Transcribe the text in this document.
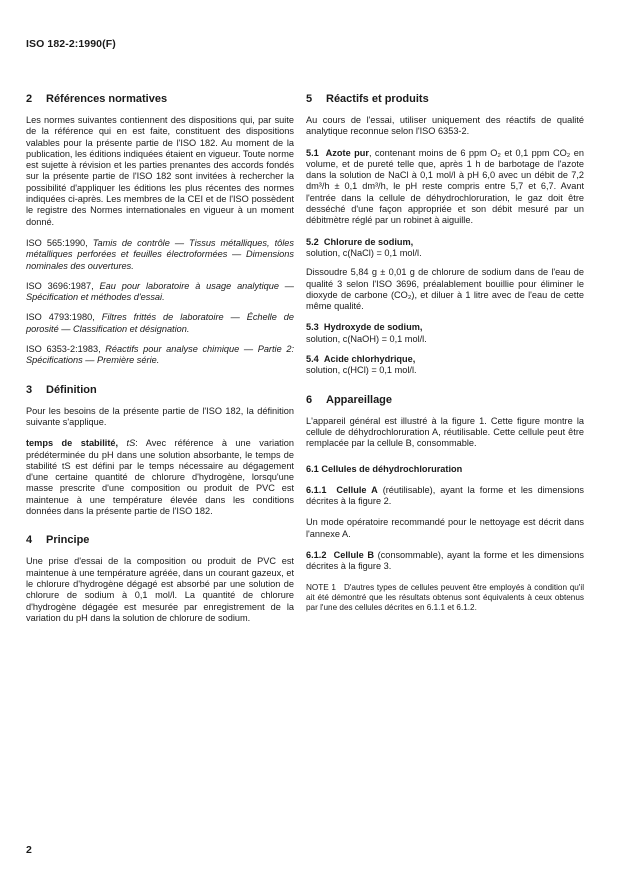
ISO 182-2:1990(F)
2 Références normatives

Les normes suivantes contiennent des dispositions qui, par suite de la référence qui en est faite, constituent des dispositions valables pour la présente partie de l'ISO 182. Au moment de la publication, les éditions indiquées étaient en vigueur. Toute norme est sujette à révision et les parties prenantes des accords fondés sur la présente partie de l'ISO 182 sont invitées à rechercher la possibilité d'appliquer les éditions les plus récentes des normes indiquées ci-après. Les membres de la CEI et de l'ISO possèdent le registre des Normes internationales en vigueur à un moment donné.

ISO 565:1990, Tamis de contrôle — Tissus métalliques, tôles métalliques perforées et feuilles électroformées — Dimensions nominales des ouvertures.

ISO 3696:1987, Eau pour laboratoire à usage analytique — Spécification et méthodes d'essai.

ISO 4793:1980, Filtres frittés de laboratoire — Échelle de porosité — Classification et désignation.

ISO 6353-2:1983, Réactifs pour analyse chimique — Partie 2: Spécifications — Première série.

3 Définition

Pour les besoins de la présente partie de l'ISO 182, la définition suivante s'applique.

temps de stabilité, tS: Avec référence à une variation prédéterminée du pH dans une solution absorbante, le temps de stabilité tS est défini par le temps nécessaire au dégagement d'une certaine quantité de chlorure d'hydrogène, lorsqu'une masse prescrite d'une composition ou produit de PVC est maintenue à une température élevée dans les conditions données dans la présente partie de l'ISO 182.

4 Principe

Une prise d'essai de la composition ou produit de PVC est maintenue à une température agréée, dans un courant gazeux, et le chlorure d'hydrogène dégagé est absorbé par une solution de chlorure de sodium à 0,1 mol/l. La quantité de chlorure d'hydrogène dégagée est mesurée par enregistrement de la variation du pH dans la solution de chlorure de sodium.

5 Réactifs et produits

Au cours de l'essai, utiliser uniquement des réactifs de qualité analytique reconnue selon l'ISO 6353-2.

5.1 Azote pur, contenant moins de 6 ppm O₂ et 0,1 ppm CO₂ en volume, et de pureté telle que, après 1 h de barbotage de l'azote dans la solution de NaCl à 0,1 mol/l à pH 6,0 avec un débit de 7,2 dm³/h ± 0,1 dm³/h, le pH reste compris entre 5,7 et 6,7. Avant l'entrée dans la cellule de déhydrochloruration, le gaz doit être desséché d'une façon appropriée et son débit mesuré par un débitmètre réglé par un robinet à aiguille.

5.2 Chlorure de sodium,

solution, c(NaCl) = 0,1 mol/l.

Dissoudre 5,84 g ± 0,01 g de chlorure de sodium dans de l'eau de qualité 3 selon l'ISO 3696, préalablement bouillie pour éliminer le dioxyde de carbone (CO₂), et diluer à 1 litre avec de l'eau de cette même qualité.

5.3 Hydroxyde de sodium,

solution, c(NaOH) = 0,1 mol/l.

5.4 Acide chlorhydrique,

solution, c(HCl) = 0,1 mol/l.

6 Appareillage

L'appareil général est illustré à la figure 1. Cette figure montre la cellule de déhydrochloruration A, réutilisable. Cette cellule peut être remplacée par la cellule B, consommable.

6.1 Cellules de déhydrochloruration

6.1.1 Cellule A (réutilisable), ayant la forme et les dimensions décrites à la figure 2.

Un mode opératoire recommandé pour le nettoyage est décrit dans l'annexe A.

6.1.2 Cellule B (consommable), ayant la forme et les dimensions décrites à la figure 3.

NOTE 1 D'autres types de cellules peuvent être employés à condition qu'il ait été démontré que les résultats obtenus sont équivalents à ceux obtenus par l'une des cellules décrites en 6.1.1 et 6.1.2.

2
